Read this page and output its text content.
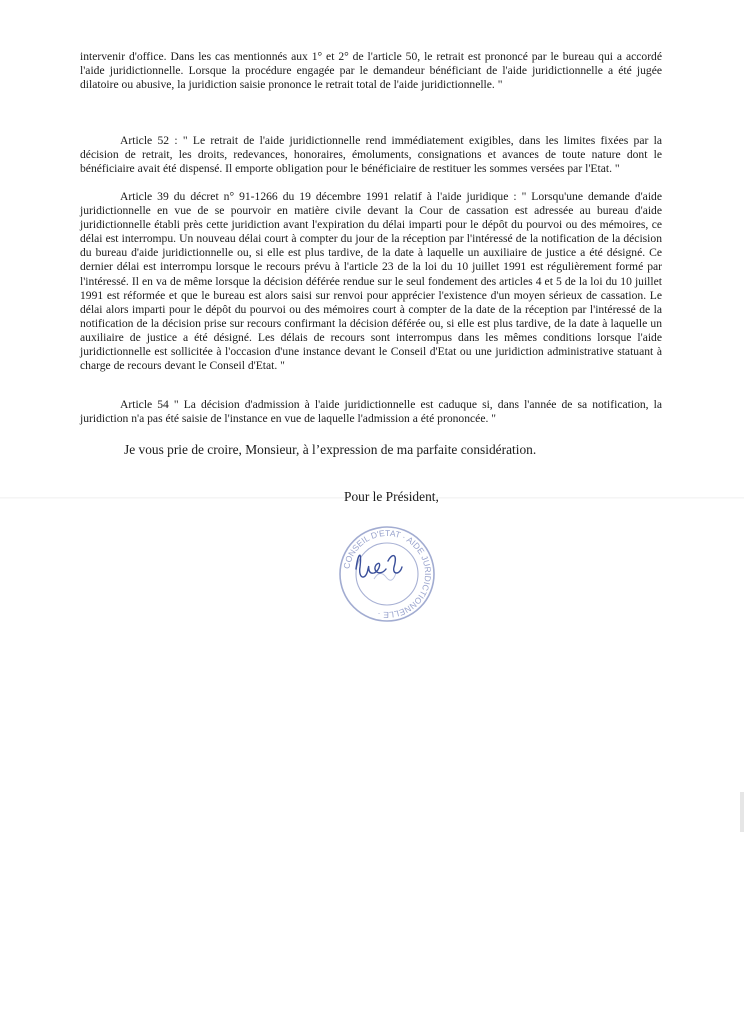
intervenir d'office. Dans les cas mentionnés aux 1° et 2° de l'article 50, le retrait est prononcé par le bureau qui a accordé l'aide juridictionnelle. Lorsque la procédure engagée par le demandeur bénéficiant de l'aide juridictionnelle a été jugée dilatoire ou abusive, la juridiction saisie prononce le retrait total de l'aide juridictionnelle. "

Article 52 : " Le retrait de l'aide juridictionnelle rend immédiatement exigibles, dans les limites fixées par la décision de retrait, les droits, redevances, honoraires, émoluments, consignations et avances de toute nature dont le bénéficiaire avait été dispensé. Il emporte obligation pour le bénéficiaire de restituer les sommes versées par l'Etat. "

Article 39 du décret n° 91-1266 du 19 décembre 1991 relatif à l'aide juridique : " Lorsqu'une demande d'aide juridictionnelle en vue de se pourvoir en matière civile devant la Cour de cassation est adressée au bureau d'aide juridictionnelle établi près cette juridiction avant l'expiration du délai imparti pour le dépôt du pourvoi ou des mémoires, ce délai est interrompu. Un nouveau délai court à compter du jour de la réception par l'intéressé de la notification de la décision du bureau d'aide juridictionnelle ou, si elle est plus tardive, de la date à laquelle un auxiliaire de justice a été désigné. Ce dernier délai est interrompu lorsque le recours prévu à l'article 23 de la loi du 10 juillet 1991 est régulièrement formé par l'intéressé. Il en va de même lorsque la décision déférée rendue sur le seul fondement des articles 4 et 5 de la loi du 10 juillet 1991 est réformée et que le bureau est alors saisi sur renvoi pour apprécier l'existence d'un moyen sérieux de cassation. Le délai alors imparti pour le dépôt du pourvoi ou des mémoires court à compter de la date de la réception par l'intéressé de la notification de la décision prise sur recours confirmant la décision déférée ou, si elle est plus tardive, de la date à laquelle un auxiliaire de justice a été désigné. Les délais de recours sont interrompus dans les mêmes conditions lorsque l'aide juridictionnelle est sollicitée à l'occasion d'une instance devant le Conseil d'Etat ou une juridiction administrative statuant à charge de recours devant le Conseil d'Etat. "

Article 54 " La décision d'admission à l'aide juridictionnelle est caduque si, dans l'année de sa notification, la juridiction n'a pas été saisie de l'instance en vue de laquelle l'admission a été prononcée. "

Je vous prie de croire, Monsieur, à l’expression de ma parfaite considération.

Pour le Président,

CONSEIL D'ETAT · AIDE JURIDICTIONNELLE ·
